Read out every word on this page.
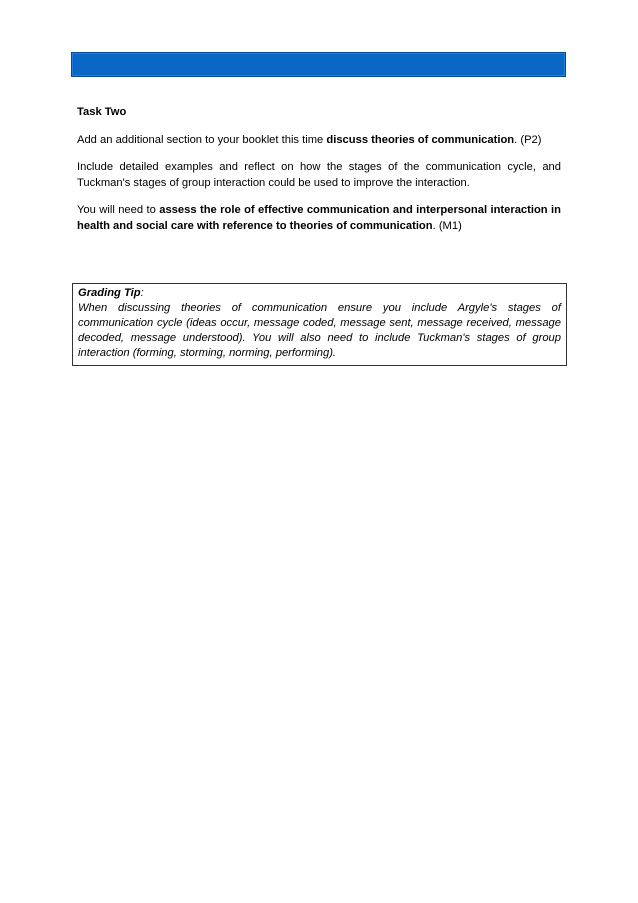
Task Two

Add an additional section to your booklet this time discuss theories of communication. (P2)

Include detailed examples and reflect on how the stages of the communication cycle, and Tuckman's stages of group interaction could be used to improve the interaction.

You will need to assess the role of effective communication and interpersonal interaction in health and social care with reference to theories of communication. (M1)

Grading Tip:
When discussing theories of communication ensure you include Argyle's stages of communication cycle (ideas occur, message coded, message sent, message received, message decoded, message understood). You will also need to include Tuckman's stages of group interaction (forming, storming, norming, performing).
